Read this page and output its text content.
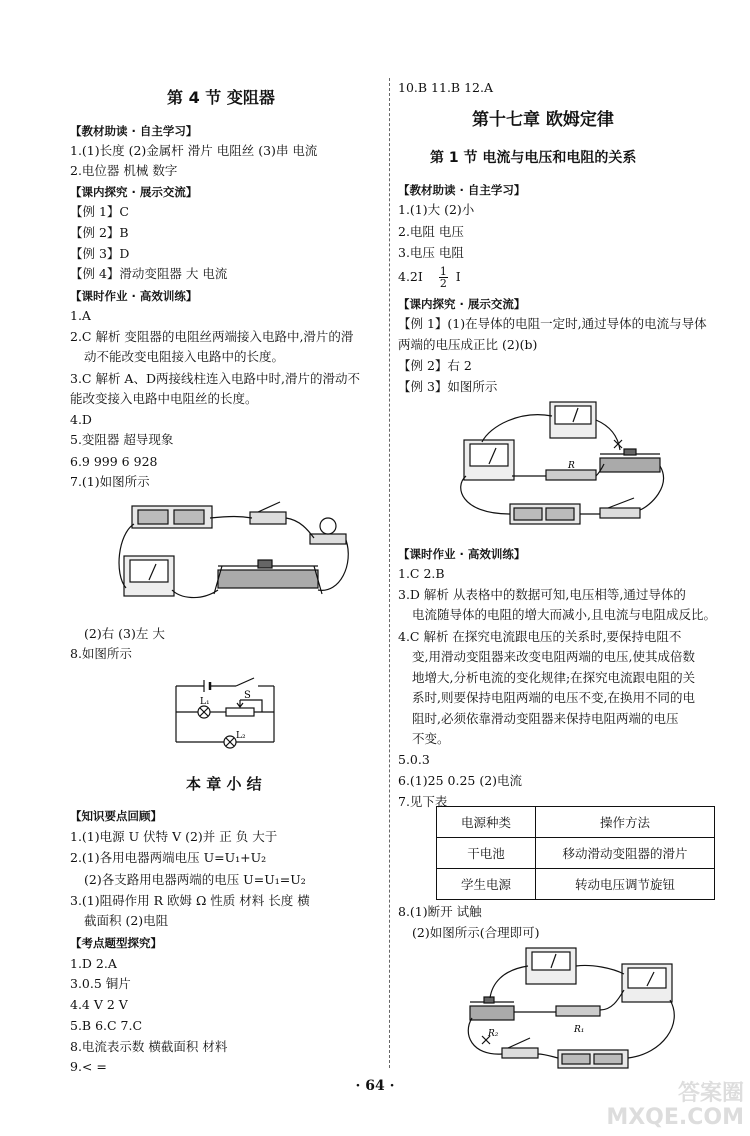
第 4 节 变阻器
【教材助读 · 自主学习】
1.(1)长度 (2)金属杆 滑片 电阻丝 (3)串 电流
2.电位器 机械 数字
【课内探究 · 展示交流】
【例 1】C
【例 2】B
【例 3】D
【例 4】滑动变阻器 大 电流
【课时作业 · 高效训练】
1.A
2.C 解析 变阻器的电阻丝两端接入电路中,滑片的滑
动不能改变电阻接入电路中的长度。
3.C 解析 A、D两接线柱连入电路中时,滑片的滑动不
能改变接入电路中电阻丝的长度。
4.D
5.变阻器 超导现象
6.9 999 6 928
7.(1)如图所示
(2)右 (3)左 大
8.如图所示
S
L₁
L₂
本 章 小 结
【知识要点回顾】
1.(1)电源 U 伏特 V (2)并 正 负 大于
2.(1)各用电器两端电压 U=U₁+U₂
(2)各支路用电器两端的电压 U=U₁=U₂
3.(1)阻碍作用 R 欧姆 Ω 性质 材料 长度 横
截面积 (2)电阻
【考点题型探究】
1.D 2.A
3.0.5 铜片
4.4 V 2 V
5.B 6.C 7.C
8.电流表示数 横截面积 材料
9.< =
10.B 11.B 12.A
第十七章 欧姆定律
第 1 节 电流与电压和电阻的关系
【教材助读 · 自主学习】
1.(1)大 (2)小
2.电阻 电压
3.电压 电阻
$4.2I \frac{1}{2}$ I
【课内探究 · 展示交流】
【例 1】(1)在导体的电阻一定时,通过导体的电流与导体
两端的电压成正比 (2)(b)
【例 2】右 2
【例 3】如图所示
R
【课时作业 · 高效训练】
1.C 2.B
3.D 解析 从表格中的数据可知,电压相等,通过导体的
电流随导体的电阻的增大而减小,且电流与电阻成反比。
4.C 解析 在探究电流跟电压的关系时,要保持电阻不
变,用滑动变阻器来改变电阻两端的电压,使其成倍数
地增大,分析电流的变化规律;在探究电流跟电阻的关
系时,则要保持电阻两端的电压不变,在换用不同的电
阻时,必须依靠滑动变阻器来保持电阻两端的电压
不变。
5.0.3
6.(1)25 0.25 (2)电流
7.见下表
电源种类	操作方法
干电池	移动滑动变阻器的滑片
学生电源	转动电压调节旋钮
8.(1)断开 试触
(2)如图所示(合理即可)
R₂	R₁
· 64 ·	答案圈
MXQE.COM
